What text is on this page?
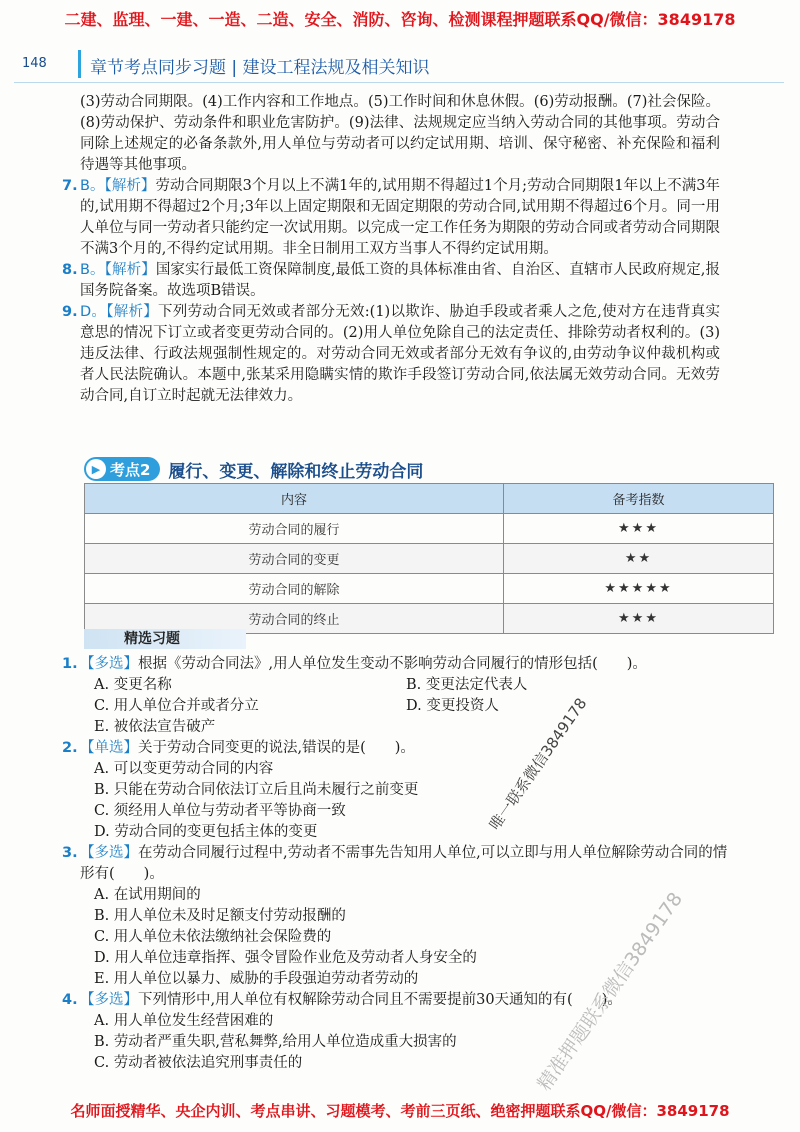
二建、监理、一建、一造、二造、安全、消防、咨询、检测课程押题联系QQ/微信：3849178
148	章节考点同步习题 | 建设工程法规及相关知识

(3)劳动合同期限。(4)工作内容和工作地点。(5)工作时间和休息休假。(6)劳动报酬。(7)社会保险。(8)劳动保护、劳动条件和职业危害防护。(9)法律、法规规定应当纳入劳动合同的其他事项。劳动合同除上述规定的必备条款外,用人单位与劳动者可以约定试用期、培训、保守秘密、补充保险和福利待遇等其他事项。

7. B。【解析】劳动合同期限3个月以上不满1年的,试用期不得超过1个月;劳动合同期限1年以上不满3年的,试用期不得超过2个月;3年以上固定期限和无固定期限的劳动合同,试用期不得超过6个月。同一用人单位与同一劳动者只能约定一次试用期。以完成一定工作任务为期限的劳动合同或者劳动合同期限不满3个月的,不得约定试用期。非全日制用工双方当事人不得约定试用期。

8. B。【解析】国家实行最低工资保障制度,最低工资的具体标准由省、自治区、直辖市人民政府规定,报国务院备案。故选项B错误。

9. D。【解析】下列劳动合同无效或者部分无效:(1)以欺诈、胁迫手段或者乘人之危,使对方在违背真实意思的情况下订立或者变更劳动合同的。(2)用人单位免除自己的法定责任、排除劳动者权利的。(3)违反法律、行政法规强制性规定的。对劳动合同无效或者部分无效有争议的,由劳动争议仲裁机构或者人民法院确认。本题中,张某采用隐瞒实情的欺诈手段签订劳动合同,依法属无效劳动合同。无效劳动合同,自订立时起就无法律效力。

▶ 考点2 履行、变更、解除和终止劳动合同
内容	备考指数
劳动合同的履行	★★★
劳动合同的变更	★★
劳动合同的解除	★★★★★
劳动合同的终止	★★★
精选习题

1. 【多选】根据《劳动合同法》,用人单位发生变动不影响劳动合同履行的情形包括(　　)。

A. 变更名称	B. 变更法定代表人
C. 用人单位合并或者分立	D. 变更投资人

E. 被依法宣告破产

2. 【单选】关于劳动合同变更的说法,错误的是(　　)。

A. 可以变更劳动合同的内容

B. 只能在劳动合同依法订立后且尚未履行之前变更

C. 须经用人单位与劳动者平等协商一致

D. 劳动合同的变更包括主体的变更

3. 【多选】在劳动合同履行过程中,劳动者不需事先告知用人单位,可以立即与用人单位解除劳动合同的情形有(　　)。

A. 在试用期间的

B. 用人单位未及时足额支付劳动报酬的

C. 用人单位未依法缴纳社会保险费的

D. 用人单位违章指挥、强令冒险作业危及劳动者人身安全的

E. 用人单位以暴力、威胁的手段强迫劳动者劳动的

4. 【多选】下列情形中,用人单位有权解除劳动合同且不需要提前30天通知的有(　　)。

A. 用人单位发生经营困难的

B. 劳动者严重失职,营私舞弊,给用人单位造成重大损害的

C. 劳动者被依法追究刑事责任的

唯一联系微信3849178
精准押题联系微信3849178
名师面授精华、央企内训、考点串讲、习题模考、考前三页纸、绝密押题联系QQ/微信：3849178
